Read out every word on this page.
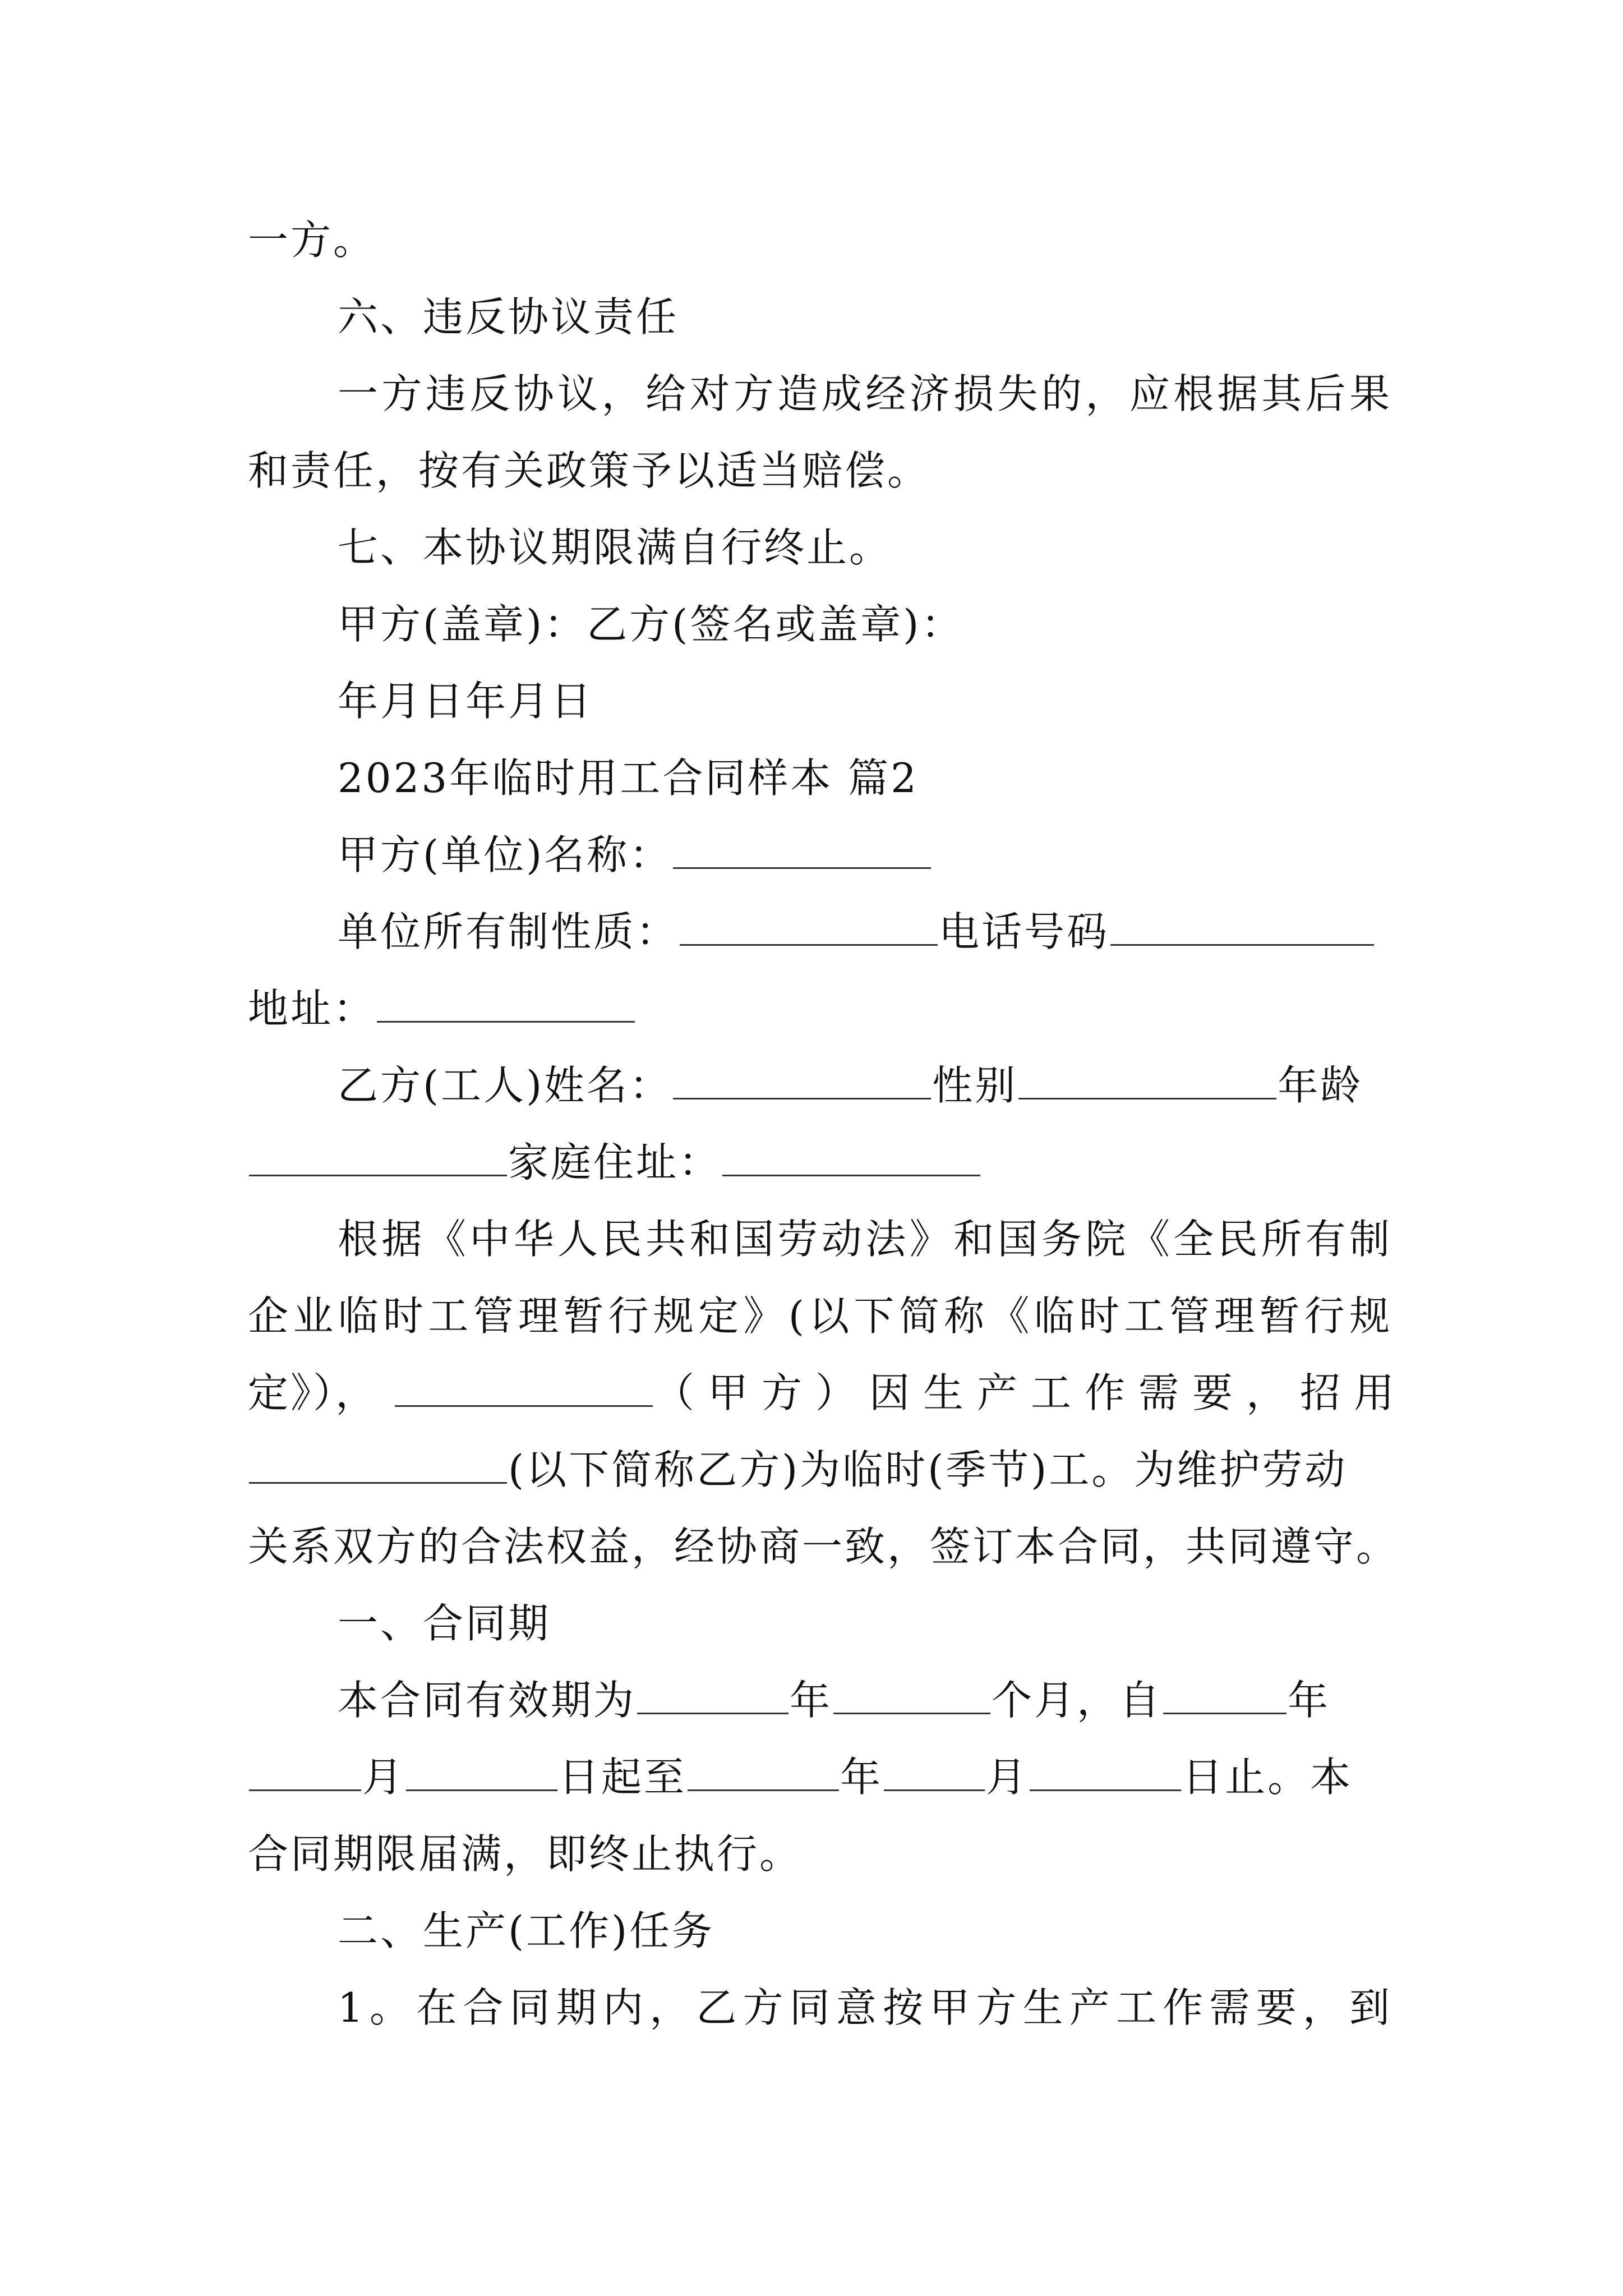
一方。
六、违反协议责任
一方违反协议，给对方造成经济损失的，应根据其后果
和责任，按有关政策予以适当赔偿。
七、本协议期限满自行终止。
甲方(盖章)：乙方(签名或盖章)：
年月日年月日
2023年临时用工合同样本 篇2
甲方(单位)名称：
单位所有制性质：	电话号码
地址：
乙方(工人)姓名：	性别	年龄
家庭住址：
根据《中华人民共和国劳动法》和国务院《全民所有制
企业临时工管理暂行规定》(以下简称《临时工管理暂行规
定》），	（甲方）因生产工作需要，招用
(以下简称乙方)为临时(季节)工。为维护劳动
关系双方的合法权益，经协商一致，签订本合同，共同遵守。
一、合同期
本合同有效期为	年	个月，自	年
月	日起至	年	月	日止。本
合同期限届满，即终止执行。
二、生产(工作)任务
1。在合同期内，乙方同意按甲方生产工作需要，到
